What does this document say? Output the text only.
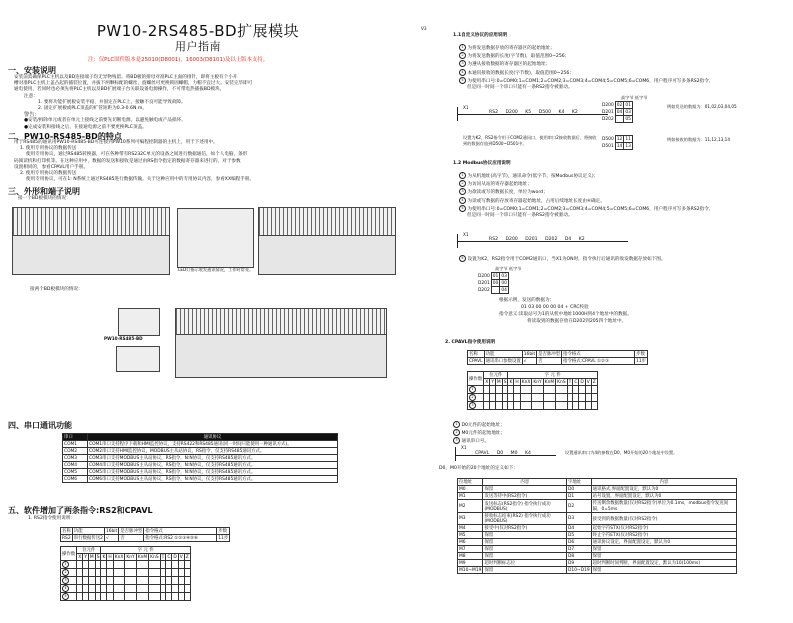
PW10-2RS485-BD扩展模块
用户指南
注：仅PLC固件版本是25010(D8001)，16003(D8101)及以上版本支持。
一、安装说明
安装前需确保PLC主机以及BD连接端子均无异物残留。将BD板的排母对准PLC主面的排针，即将主板有个小开
槽对准PLC主机上盖凸起的插装位置，并拔下两颗标配的螺丝，旋螺丝可更换锁固螺帽，力帽不宜过大。安装完毕即可
通电使用，若同时也必须先将PLC主机以及BD扩展端子台关联设备电源操作，不可带电热插拔BD模块。
注意：
1. 要将功能扩展板安装平稳，并固定在PLC上，接触不良可能导致故障。
2. 固定扩展板或PLC顶盖的扩管矩距为0.3-0.6N.m。
警告：
●安装/拆除单元或者在单元上接线之前要先切断电源，以避免触电或产品损坏。
●完成安装和接线之后，在接通电源之前不要更换PLC顶盖。
二、PW10-RS485-BD的特点
用于RS485的通讯用PW10-RS485-BD可连接到PW10系列可编程控制器的主机上，用于下述用中。
1. 使用专用协议的数据传送
使用专用协议，通过RS485转换器，可在各种带有RS232C单元的设备之间进行数据通信，如个人电脑，条形
码阅读机和打印机等。在这种应用中，数据的发送和接收是通过由RS指令指定的数据寄存器来进行的，对于参数
设置相同的，参看CPAVL用户手册。
2. 使用专用协议的数据传送
使用专用协议，可在1: N系统上通过RS485进行数据传输。关于这种应用中的专用协议内容，参看XX编程手册。
三、外形和端子说明
接一个BD板模块的情况：
LED灯指示收发通讯情况，工作时常亮。
接两个BD板模块的情况：
PW10-RS485-BD
四、串口通讯功能
串口	通讯协议
COM1	COM1串口支持程序下载和HMI监控协议，支持RS422和RS485通讯(同一时间只能使用一种通讯方式)。
COM2	COM2串口支持HMI监控协议，MODBUS主从站协议，RS指令，仅支持RS485通讯方式。
COM3	COM3串口支持MODBUS主从站协议，RS指令，N:N协议，仅支持RS485通讯方式。
COM4	COM4串口支持MODBUS主从站协议，RS指令，N:N协议，仅支持RS485通讯方式。
COM5	COM5串口支持MODBUS主从站协议，RS指令，N:N协议，仅支持RS485通讯方式。
COM6	COM6串口支持MODBUS主从站协议，RS指令，N:N协议，仅支持RS485通讯方式。
五、软件增加了两条指令:RS2和CPAVL
1. RS2指令使用说明：
名称	功能	16bit	是否脉冲型	指令格式	步数
RS2	串行数据传送2	√	否	指令格式:RS2 ①②③④⑤⑥	11步
操作数	位元件				字 元 件										
	X	Y	M	S	K	H	KnX	KnY	KnM	KnS	T	C	D	V	Z
1															
2															
3															
4															
5															
V3
1.1自定义协议的应用说明
1 为将发送数据存放的寄存器区的起始地址；
2 为将发送数据的长度(字节数)，取值范围0~256；
3 为遵从接收数据的寄存器区的起始地址；
4 本通讯接收的数据长度(字节数)，取值范围0~256；
5 为使用串口号:0=COM0;1=COM1;2=COM2;3=COM3;4=COM4;5=COM5;6=COM6，用户程序可写多条RS2指令，
但是同一时间一个串口只能有一条RS2指令被驱动。
X1
RS2 D200 K5 D500 K4 K2
高字节 低字节
D200	02	01
D201	04	03
D202		05
例如发送的数据为：01,02,03,04,05
D500	12	11
D501	14	13
例如接收的数据为：11,12,13,14
设置为K2，RS2指令用于COM2通讯口，使用串口2接收数据后，将接收到的数据存放到D500~D501中。
1.2 Modbus协议应用说明
1 为从机地址(高字节)，通讯命令(低字节，按Modbus协议定义)；
2 为访问从站的寄存器起始地址；
3 为欲读或写的数据长度，单位为word；
4 为读或写数据的存放寄存器起始地址，占用后续地址长度由④确定。
5 为使用串口号:0=COM0;1=COM1;2=COM2;3=COM3;4=COM4;5=COM5;6=COM6，用户程序可写多条RS2指令，
但是同一时间一个串口只能有一条RS2指令被驱动。
X1
RS2 D200 D201 D202 D4 K2
5 设置为K2，RS2指令用于COM2通讯口，当X1为ON时，指令执行后通讯的收发数据存放如下图。
高字节 低字节
D200	01	03
D201	00	00
D202		04
根据示例，发送的数据为：
01 03 00 00 00 04 + CRC校验
指令意义:读取站号为1的从机中地址1000H到4个地址中的数据。
将读取到的数据存放在D202到205四个地址中。
2. CPAVL指令使用说明
名称	功能	16bit	是否脉冲型	指令格式	步数
CPAVL	通讯串口参数设置	√	否	指令格式:CPAVL ①②③	11步
操作数	位元件				字 元 件										
	X	Y	M	S	K	H	KnX	KnY	KnM	KnS	T	C	D	V	Z
1															
2															
3															
1 D0元件的起始地址；
2 M0元件的起始地址；
3 通讯串口号。
X1
CPAVL D0 M0 K4	设置通讯串口为4的参数在D0，M0开始的20个地址中设置。
D0，M0开始的20个地址的定义如下：
位地址	内容	字地址	内容
M0	保留	D0	通讯格式,界面配置设定，默认为0
M1	发送等待中(RS2指令)	D1	站号设置，界面配置设定，默认为0
M2	发送标志(RS2指令) 指令执行成功(MODBUS)	D2	传送剩余数据数量(仅对RS2指令)单位为0.1ms，modbus指令发送间隔，0=5ms
M3	接收标志结束(RS2) 指令执行成功(MODBUS)	D3	接受到的数据数量(仅对RS2指令)
M4	接受中(仅对RS2指令)	D4	起始字符STX(仅对RS2指令)
M5	保留	D5	终止字符ETX(仅对RS2指令)
M6	保留	D6	通讯协议设定，界面配置设定，默认为0
M7	保留	D7	保留
M8	保留	D8	保留
M9	超时判断标志位	D9	超时判断时间判断，界面配置设定，默认为10(100ms)
M10~M19	保留	D10~D19	保留
